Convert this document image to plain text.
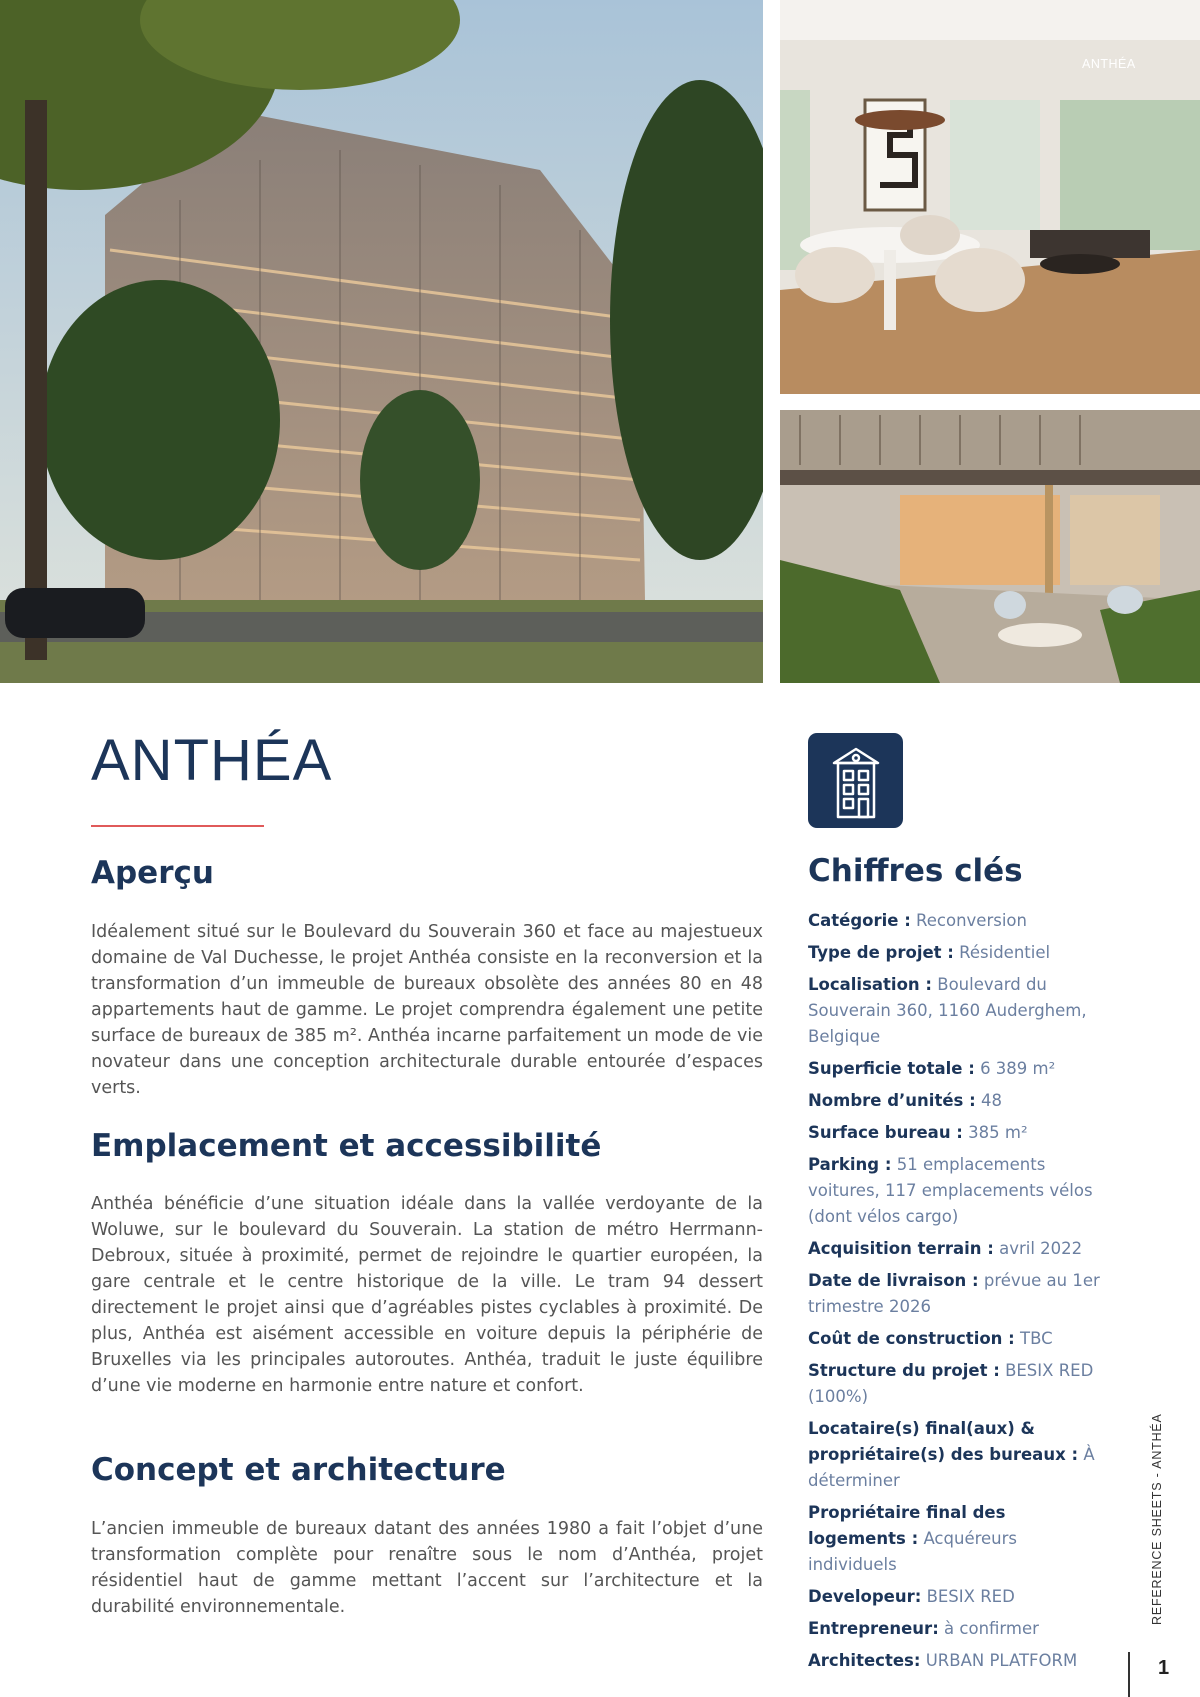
ANTHÉA
ANTHÉA
Aperçu

Idéalement situé sur le Boulevard du Souverain 360 et face au majestueux domaine de Val Duchesse, le projet Anthéa consiste en la reconversion et la transformation d’un immeuble de bureaux obsolète des années 80 en 48 appartements haut de gamme. Le projet comprendra également une petite surface de bureaux de 385 m². Anthéa incarne parfaitement un mode de vie novateur dans une conception architecturale durable entourée d’espaces verts.

Emplacement et accessibilité

Anthéa bénéficie d’une situation idéale dans la vallée verdoyante de la Woluwe, sur le boulevard du Souverain. La station de métro Herrmann-Debroux, située à proximité, permet de rejoindre le quartier européen, la gare centrale et le centre historique de la ville. Le tram 94 dessert directement le projet ainsi que d’agréables pistes cyclables à proximité. De plus, Anthéa est aisément accessible en voiture depuis la périphérie de Bruxelles via les principales autoroutes. Anthéa, traduit le juste équilibre d’une vie moderne en harmonie entre nature et confort.

Concept et architecture

L’ancien immeuble de bureaux datant des années 1980 a fait l’objet d’une transformation complète pour renaître sous le nom d’Anthéa, projet résidentiel haut de gamme mettant l’accent sur l’architecture et la durabilité environnementale.

Chiffres clés
Catégorie : Reconversion
Type de projet : Résidentiel
Localisation : Boulevard du Souverain 360, 1160 Auderghem, Belgique
Superficie totale : 6 389 m²
Nombre d’unités : 48
Surface bureau : 385 m²
Parking : 51 emplacements voitures, 117 emplacements vélos (dont vélos cargo)
Acquisition terrain : avril 2022
Date de livraison : prévue au 1er trimestre 2026
Coût de construction : TBC
Structure du projet : BESIX RED (100%)
Locataire(s) final(aux) & propriétaire(s) des bureaux : À déterminer
Propriétaire final des logements : Acquéreurs individuels
Developeur: BESIX RED
Entrepreneur: à confirmer
Architectes: URBAN PLATFORM
REFERENCE SHEETS - ANTHÉA
1
